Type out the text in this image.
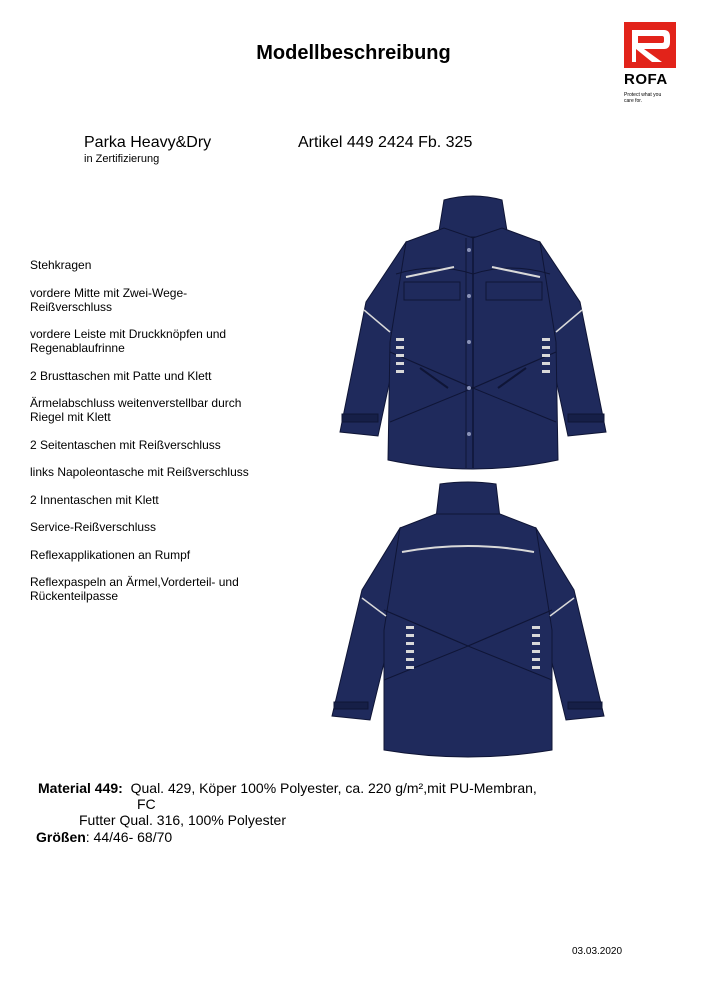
Modellbeschreibung
ROFA
Protect what you
care for.
Parka Heavy&Dry
in Zertifizierung
Artikel 449 2424 Fb. 325
Stehkragen
vordere Mitte mit Zwei-Wege-Reißverschluss
vordere Leiste mit Druckknöpfen und Regenablaufrinne
2 Brusttaschen mit Patte und Klett
Ärmelabschluss weitenverstellbar durch Riegel mit Klett
2 Seitentaschen mit Reißverschluss
links Napoleontasche mit Reißverschluss
2 Innentaschen mit Klett
Service-Reißverschluss
Reflexapplikationen an Rumpf
Reflexpaspeln an Ärmel,Vorderteil- und Rückenteilpasse
Material 449: Qual. 429, Köper 100% Polyester, ca. 220 g/m²,mit PU-Membran,
FC
Futter Qual. 316, 100% Polyester
Größen: 44/46- 68/70
03.03.2020
